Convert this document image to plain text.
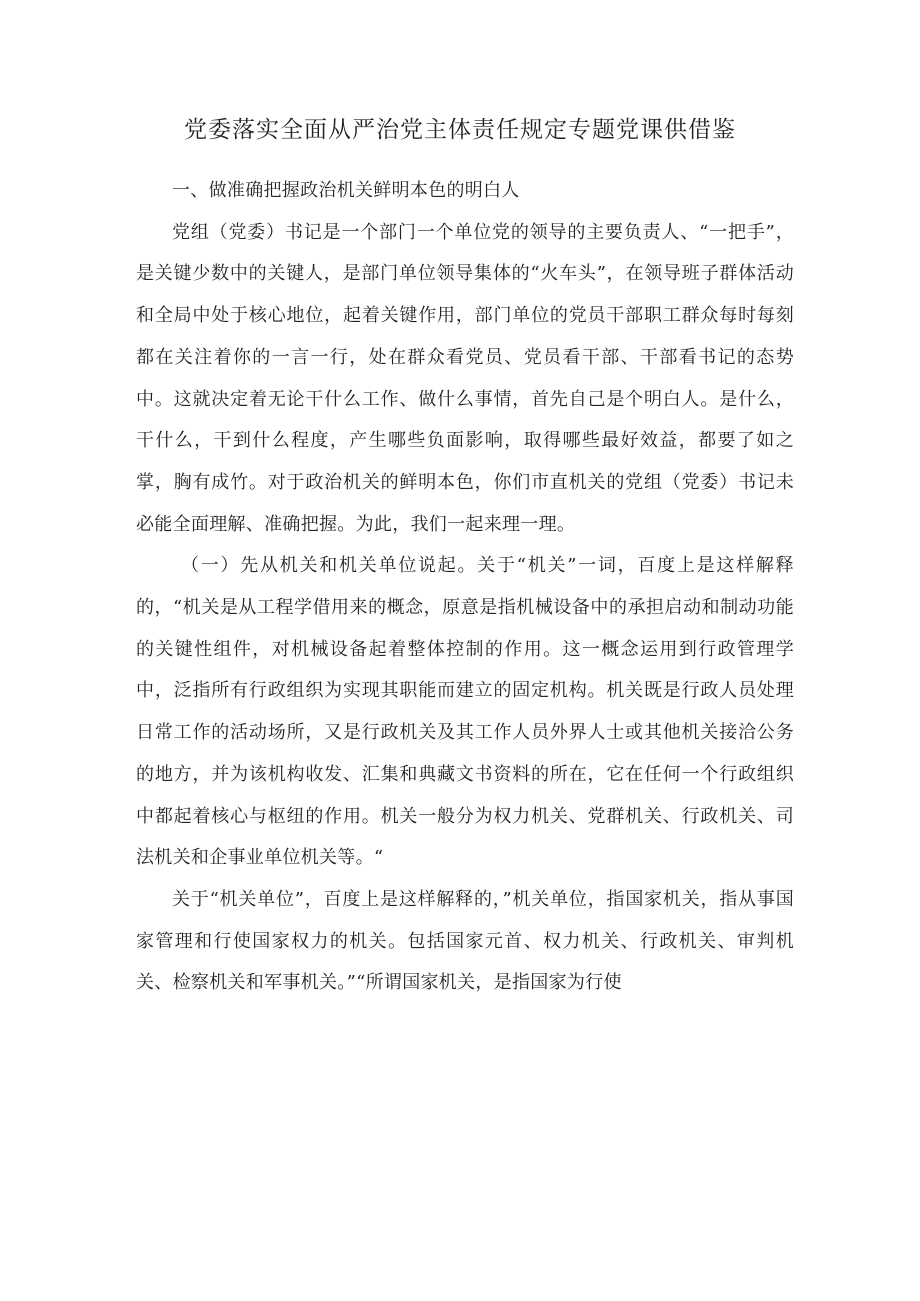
党委落实全面从严治党主体责任规定专题党课供借鉴

一、做准确把握政治机关鲜明本色的明白人

党组（党委）书记是一个部门一个单位党的领导的主要负责人、“一把手”，是关键少数中的关键人，是部门单位领导集体的“火车头”，在领导班子群体活动和全局中处于核心地位，起着关键作用，部门单位的党员干部职工群众每时每刻都在关注着你的一言一行，处在群众看党员、党员看干部、干部看书记的态势中。这就决定着无论干什么工作、做什么事情，首先自己是个明白人。是什么，干什么，干到什么程度，产生哪些负面影响，取得哪些最好效益，都要了如之掌，胸有成竹。对于政治机关的鲜明本色，你们市直机关的党组（党委）书记未必能全面理解、准确把握。为此，我们一起来理一理。

（一）先从机关和机关单位说起。关于“机关”一词，百度上是这样解释的，“机关是从工程学借用来的概念，原意是指机械设备中的承担启动和制动功能的关键性组件，对机械设备起着整体控制的作用。这一概念运用到行政管理学中，泛指所有行政组织为实现其职能而建立的固定机构。机关既是行政人员处理日常工作的活动场所，又是行政机关及其工作人员外界人士或其他机关接洽公务的地方，并为该机构收发、汇集和典藏文书资料的所在，它在任何一个行政组织中都起着核心与枢纽的作用。机关一般分为权力机关、党群机关、行政机关、司法机关和企事业单位机关等。“

关于“机关单位”，百度上是这样解释的，”机关单位，指国家机关，指从事国家管理和行使国家权力的机关。包括国家元首、权力机关、行政机关、审判机关、检察机关和军事机关。”“所谓国家机关，是指国家为行使
